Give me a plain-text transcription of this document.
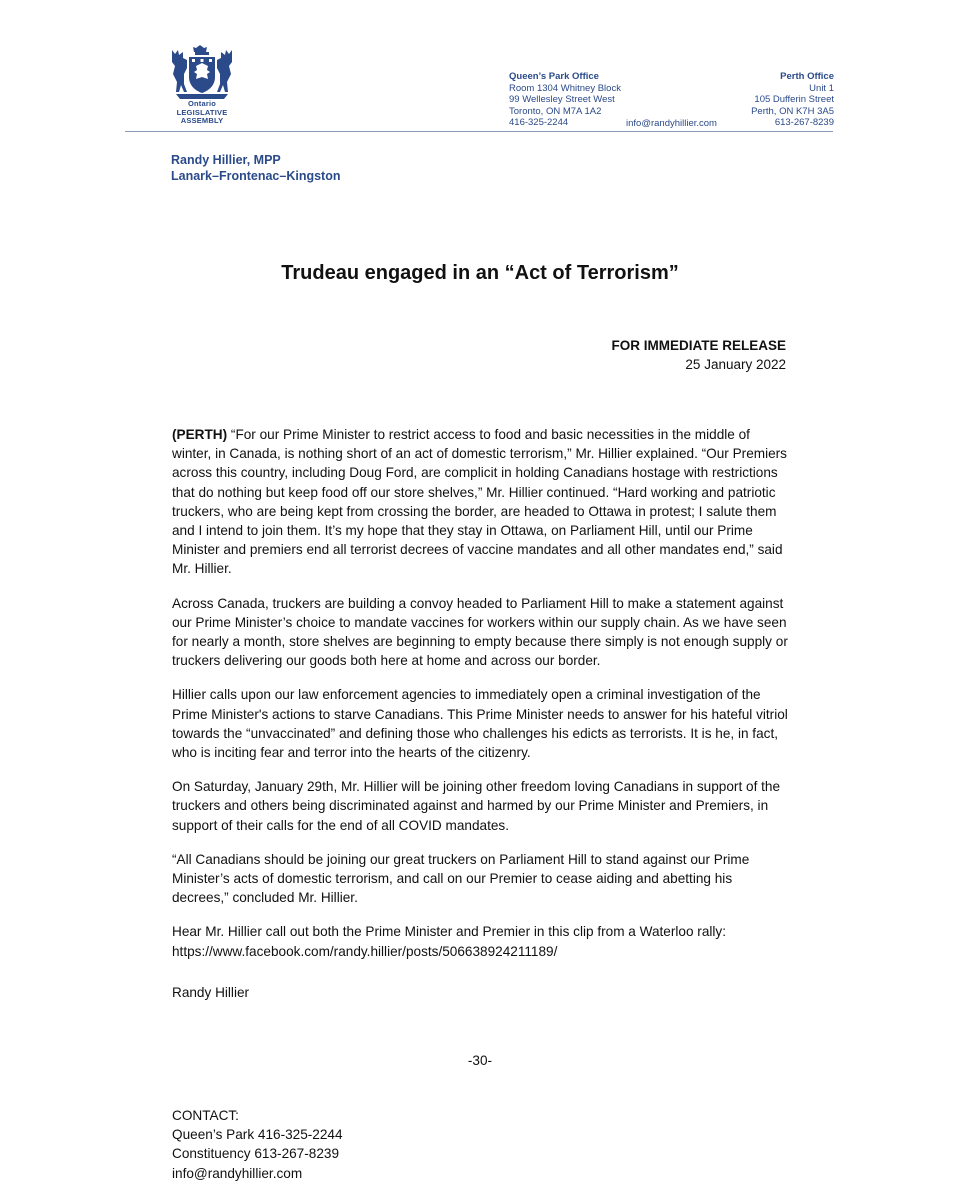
Ontario
LEGISLATIVE
ASSEMBLY
Queen’s Park Office
Room 1304 Whitney Block
99 Wellesley Street West
Toronto, ON M7A 1A2
416-325-2244	info@randyhillier.com
Perth Office
Unit 1
105 Dufferin Street
Perth, ON K7H 3A5
613-267-8239
Randy Hillier, MPP
Lanark–Frontenac–Kingston
Trudeau engaged in an “Act of Terrorism”
FOR IMMEDIATE RELEASE
25 January 2022

(PERTH) “For our Prime Minister to restrict access to food and basic necessities in the middle of winter, in Canada, is nothing short of an act of domestic terrorism,” Mr. Hillier explained. “Our Premiers across this country, including Doug Ford, are complicit in holding Canadians hostage with restrictions that do nothing but keep food off our store shelves,” Mr. Hillier continued. “Hard working and patriotic truckers, who are being kept from crossing the border, are headed to Ottawa in protest; I salute them and I intend to join them. It’s my hope that they stay in Ottawa, on Parliament Hill, until our Prime Minister and premiers end all terrorist decrees of vaccine mandates and all other mandates end,” said Mr. Hillier.

Across Canada, truckers are building a convoy headed to Parliament Hill to make a statement against our Prime Minister’s choice to mandate vaccines for workers within our supply chain. As we have seen for nearly a month, store shelves are beginning to empty because there simply is not enough supply or truckers delivering our goods both here at home and across our border.

Hillier calls upon our law enforcement agencies to immediately open a criminal investigation of the Prime Minister's actions to starve Canadians. This Prime Minister needs to answer for his hateful vitriol towards the “unvaccinated” and defining those who challenges his edicts as terrorists. It is he, in fact, who is inciting fear and terror into the hearts of the citizenry.

On Saturday, January 29th, Mr. Hillier will be joining other freedom loving Canadians in support of the truckers and others being discriminated against and harmed by our Prime Minister and Premiers, in support of their calls for the end of all COVID mandates.

“All Canadians should be joining our great truckers on Parliament Hill to stand against our Prime Minister’s acts of domestic terrorism, and call on our Premier to cease aiding and abetting his decrees,” concluded Mr. Hillier.

Hear Mr. Hillier call out both the Prime Minister and Premier in this clip from a Waterloo rally:
https://www.facebook.com/randy.hillier/posts/506638924211189/

Randy Hillier
-30-
CONTACT:
Queen’s Park 416-325-2244
Constituency 613-267-8239
info@randyhillier.com
